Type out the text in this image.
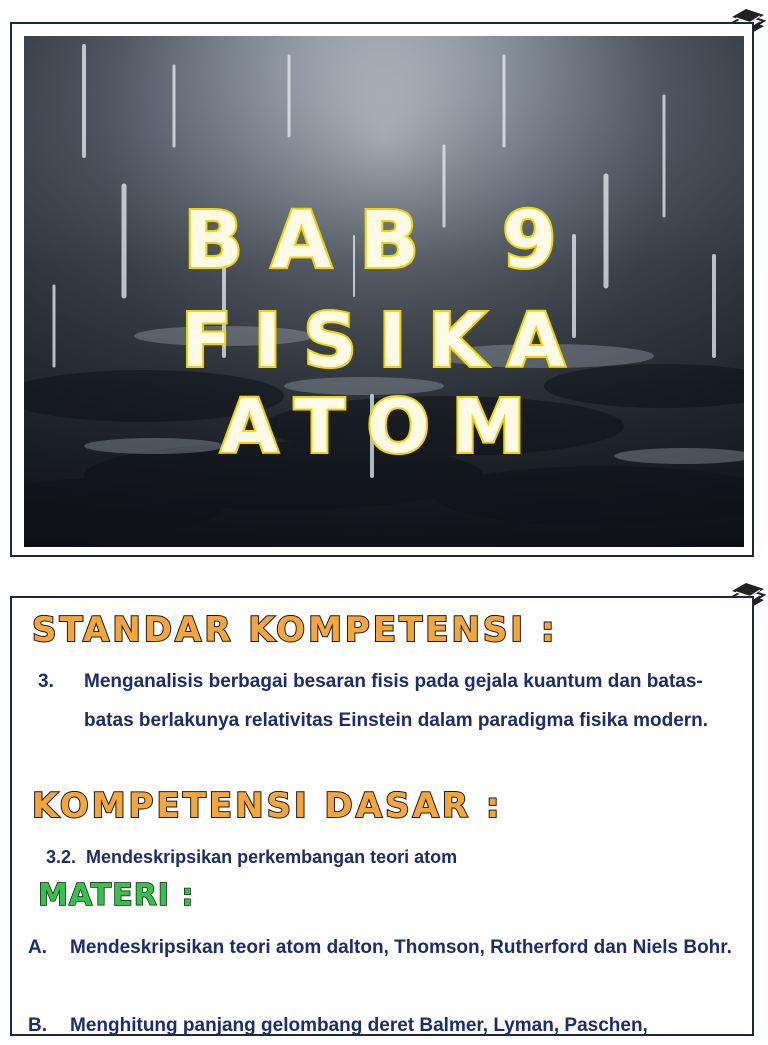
BAB 9
FISIKA ATOM
STANDAR KOMPETENSI :
3. Menganalisis berbagai besaran fisis pada gejala kuantum dan batas-batas berlakunya relativitas Einstein dalam paradigma fisika modern.
KOMPETENSI DASAR :
3.2. Mendeskripsikan perkembangan teori atom
MATERI :
A. Mendeskripsikan teori atom dalton, Thomson, Rutherford dan Niels Bohr.
B. Menghitung panjang gelombang deret Balmer, Lyman, Paschen,
